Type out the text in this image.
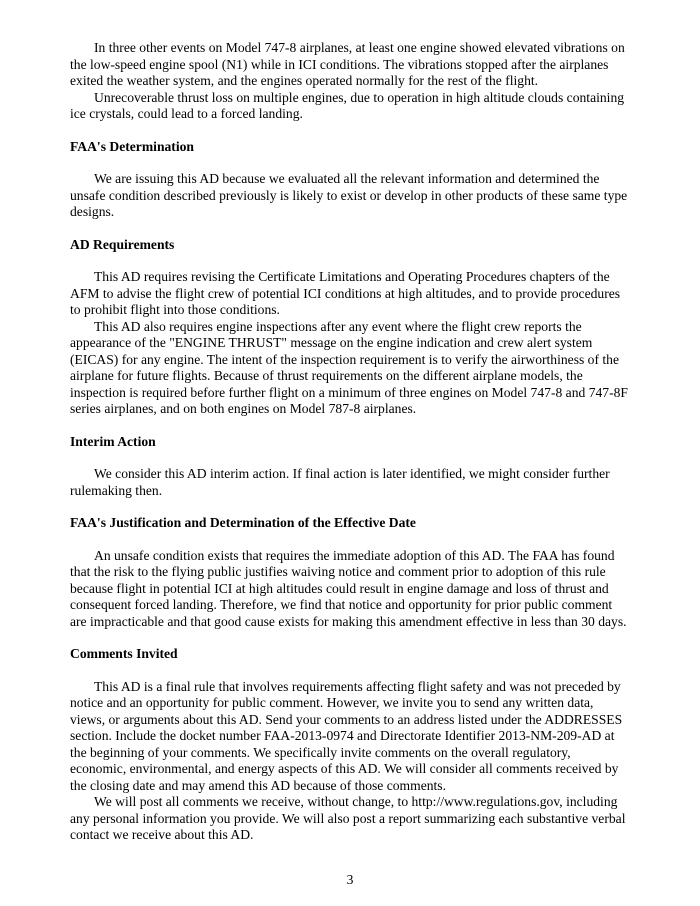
In three other events on Model 747-8 airplanes, at least one engine showed elevated vibrations on the low-speed engine spool (N1) while in ICI conditions. The vibrations stopped after the airplanes exited the weather system, and the engines operated normally for the rest of the flight.

Unrecoverable thrust loss on multiple engines, due to operation in high altitude clouds containing ice crystals, could lead to a forced landing.

FAA's Determination

We are issuing this AD because we evaluated all the relevant information and determined the unsafe condition described previously is likely to exist or develop in other products of these same type designs.

AD Requirements

This AD requires revising the Certificate Limitations and Operating Procedures chapters of the AFM to advise the flight crew of potential ICI conditions at high altitudes, and to provide procedures to prohibit flight into those conditions.

This AD also requires engine inspections after any event where the flight crew reports the appearance of the "ENGINE THRUST" message on the engine indication and crew alert system (EICAS) for any engine. The intent of the inspection requirement is to verify the airworthiness of the airplane for future flights. Because of thrust requirements on the different airplane models, the inspection is required before further flight on a minimum of three engines on Model 747-8 and 747-8F series airplanes, and on both engines on Model 787-8 airplanes.

Interim Action

We consider this AD interim action. If final action is later identified, we might consider further rulemaking then.

FAA's Justification and Determination of the Effective Date

An unsafe condition exists that requires the immediate adoption of this AD. The FAA has found that the risk to the flying public justifies waiving notice and comment prior to adoption of this rule because flight in potential ICI at high altitudes could result in engine damage and loss of thrust and consequent forced landing. Therefore, we find that notice and opportunity for prior public comment are impracticable and that good cause exists for making this amendment effective in less than 30 days.

Comments Invited

This AD is a final rule that involves requirements affecting flight safety and was not preceded by notice and an opportunity for public comment. However, we invite you to send any written data, views, or arguments about this AD. Send your comments to an address listed under the ADDRESSES section. Include the docket number FAA-2013-0974 and Directorate Identifier 2013-NM-209-AD at the beginning of your comments. We specifically invite comments on the overall regulatory, economic, environmental, and energy aspects of this AD. We will consider all comments received by the closing date and may amend this AD because of those comments.

We will post all comments we receive, without change, to http://www.regulations.gov, including any personal information you provide. We will also post a report summarizing each substantive verbal contact we receive about this AD.

3
